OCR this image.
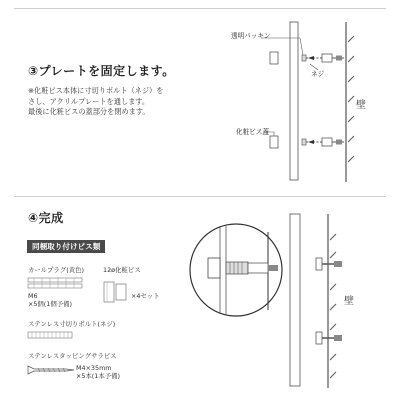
③プレートを固定します。
※化粧ビス本体に寸切りボルト（ネジ）を
さし、アクリルプレートを通します。
最後に化粧ビスの蓋部分を閉めます。
透明パッキン
ネジ
化粧ビス蓋
壁
④完成
同梱取り付けビス類
カールプラグ(黄色)
M6
×5個(1個予備)
12ø化粧ビス
×4セット
ステンレス寸切りボルト(ネジ)
ステンレスタッピングサラビス
M4×35mm
×5本(1本予備)
壁
